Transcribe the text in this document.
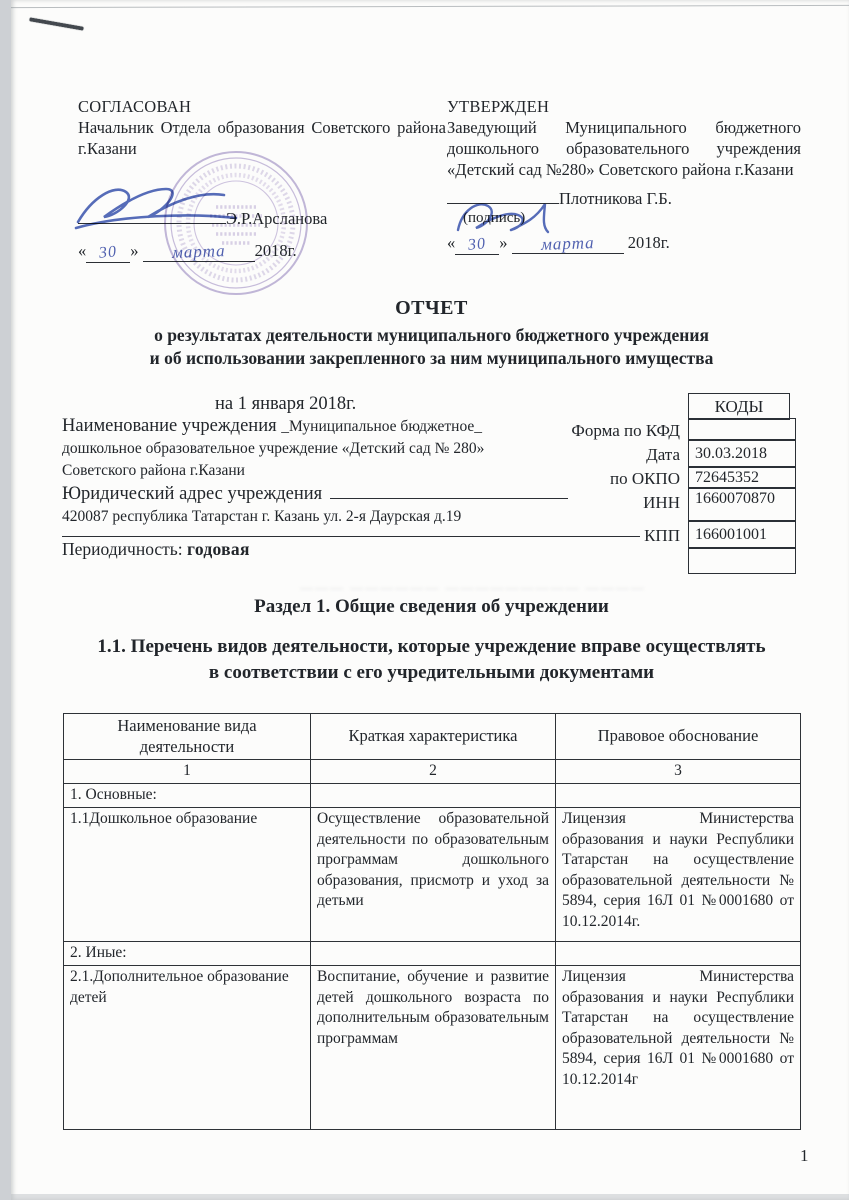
СОГЛАСОВАН
Начальник Отдела образования Советского района г.Казани
Э.Р.Арсланова
« 30 » марта 2018г.
УТВЕРЖДЕН
Заведующий Муниципального бюджетного дошкольного образовательного учреждения «Детский сад №280» Советского района г.Казани
Плотникова Г.Б.
(подпись)
« 30 » марта 2018г.
ОТЧЕТ
о результатах деятельности муниципального бюджетного учреждения
и об использовании закрепленного за ним муниципального имущества
на 1 января 2018г.
Наименование учреждения _Муниципальное бюджетное_
дошкольное образовательное учреждение «Детский сад № 280»
Советского района г.Казани
Юридический адрес учреждения
420087 республика Татарстан г. Казань ул. 2-я Даурская д.19
Периодичность: годовая
КОДЫ
Форма по КФД
Дата 30.03.2018
по ОКПО 72645352
ИНН 1660070870
КПП 166001001
――― ―――――― ――――――――― ――――
Раздел 1. Общие сведения об учреждении
1.1. Перечень видов деятельности, которые учреждение вправе осуществлять
в соответствии с его учредительными документами
Наименование вида деятельности	Краткая характеристика	Правовое обоснование
1	2	3
1. Основные:		
1.1Дошкольное образование	Осуществление образовательной деятельности по образовательным программам дошкольного образования, присмотр и уход за детьми	Лицензия Министерства образования и науки Республики Татарстан на осуществление образовательной деятельности № 5894, серия 16Л 01 №0001680 от 10.12.2014г.
2. Иные:		
2.1.Дополнительное образование детей	Воспитание, обучение и развитие детей дошкольного возраста по дополнительным образовательным программам	Лицензия Министерства образования и науки Республики Татарстан на осуществление образовательной деятельности № 5894, серия 16Л 01 №0001680 от 10.12.2014г
1
